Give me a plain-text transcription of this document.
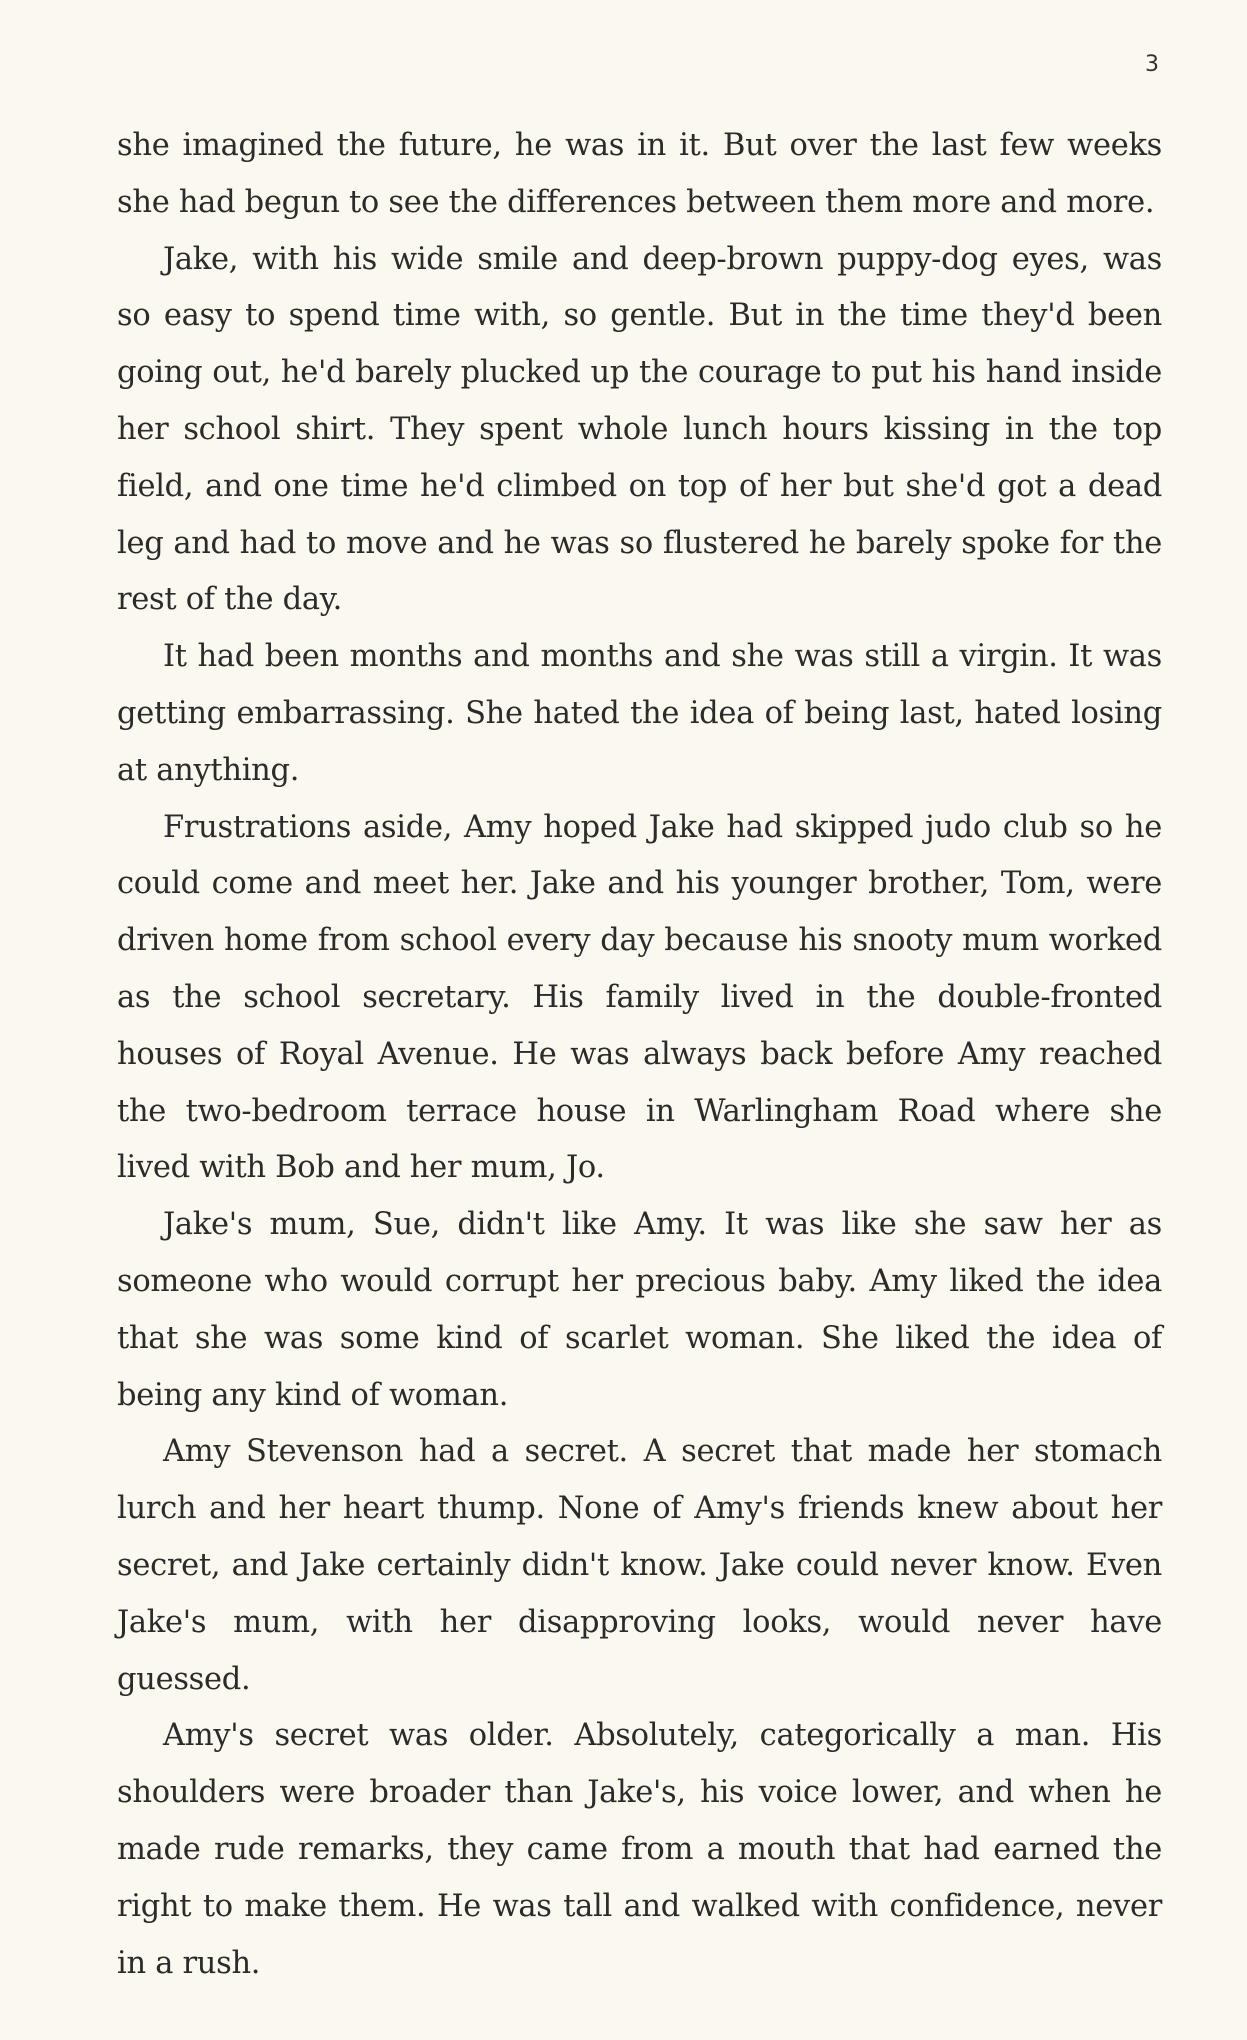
3

she imagined the future, he was in it. But over the last few weeks she had begun to see the differences between them more and more.

Jake, with his wide smile and deep-brown puppy-dog eyes, was so easy to spend time with, so gentle. But in the time they'd been going out, he'd barely plucked up the courage to put his hand inside her school shirt. They spent whole lunch hours kissing in the top field, and one time he'd climbed on top of her but she'd got a dead leg and had to move and he was so flustered he barely spoke for the rest of the day.

It had been months and months and she was still a virgin. It was getting embarrassing. She hated the idea of being last, hated losing at anything.

Frustrations aside, Amy hoped Jake had skipped judo club so he could come and meet her. Jake and his younger brother, Tom, were driven home from school every day because his snooty mum worked as the school secretary. His family lived in the double-fronted houses of Royal Avenue. He was always back before Amy reached the two-bedroom terrace house in Warlingham Road where she lived with Bob and her mum, Jo.

Jake's mum, Sue, didn't like Amy. It was like she saw her as someone who would corrupt her precious baby. Amy liked the idea that she was some kind of scarlet woman. She liked the idea of being any kind of woman.

Amy Stevenson had a secret. A secret that made her stomach lurch and her heart thump. None of Amy's friends knew about her secret, and Jake certainly didn't know. Jake could never know. Even Jake's mum, with her disapproving looks, would never have guessed.

Amy's secret was older. Absolutely, categorically a man. His shoulders were broader than Jake's, his voice lower, and when he made rude remarks, they came from a mouth that had earned the right to make them. He was tall and walked with confidence, never in a rush.
